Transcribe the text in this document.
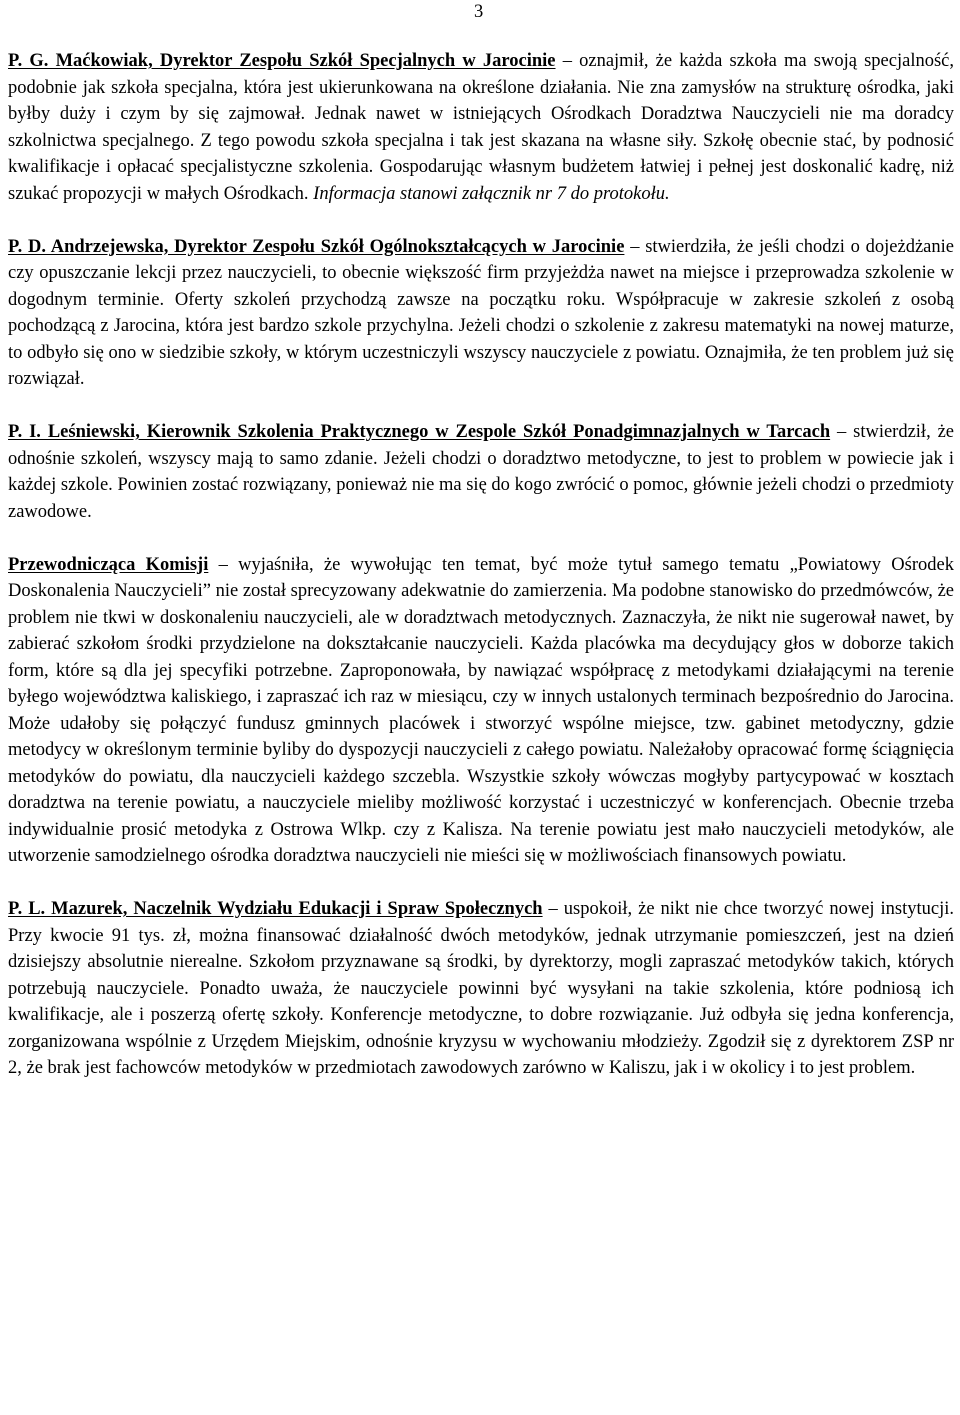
3

P. G. Maćkowiak, Dyrektor Zespołu Szkół Specjalnych w Jarocinie – oznajmił, że każda szkoła ma swoją specjalność, podobnie jak szkoła specjalna, która jest ukierunkowana na określone działania. Nie zna zamysłów na strukturę ośrodka, jaki byłby duży i czym by się zajmował. Jednak nawet w istniejących Ośrodkach Doradztwa Nauczycieli nie ma doradcy szkolnictwa specjalnego. Z tego powodu szkoła specjalna i tak jest skazana na własne siły. Szkołę obecnie stać, by podnosić kwalifikacje i opłacać specjalistyczne szkolenia. Gospodarując własnym budżetem łatwiej i pełnej jest doskonalić kadrę, niż szukać propozycji w małych Ośrodkach. Informacja stanowi załącznik nr 7 do protokołu.

P. D. Andrzejewska, Dyrektor Zespołu Szkół Ogólnokształcących w Jarocinie – stwierdziła, że jeśli chodzi o dojeżdżanie czy opuszczanie lekcji przez nauczycieli, to obecnie większość firm przyjeżdża nawet na miejsce i przeprowadza szkolenie w dogodnym terminie. Oferty szkoleń przychodzą zawsze na początku roku. Współpracuje w zakresie szkoleń z osobą pochodzącą z Jarocina, która jest bardzo szkole przychylna. Jeżeli chodzi o szkolenie z zakresu matematyki na nowej maturze, to odbyło się ono w siedzibie szkoły, w którym uczestniczyli wszyscy nauczyciele z powiatu. Oznajmiła, że ten problem już się rozwiązał.

P. I. Leśniewski, Kierownik Szkolenia Praktycznego w Zespole Szkół Ponadgimnazjalnych w Tarcach – stwierdził, że odnośnie szkoleń, wszyscy mają to samo zdanie. Jeżeli chodzi o doradztwo metodyczne, to jest to problem w powiecie jak i każdej szkole. Powinien zostać rozwiązany, ponieważ nie ma się do kogo zwrócić o pomoc, głównie jeżeli chodzi o przedmioty zawodowe.

Przewodnicząca Komisji – wyjaśniła, że wywołując ten temat, być może tytuł samego tematu „Powiatowy Ośrodek Doskonalenia Nauczycieli” nie został sprecyzowany adekwatnie do zamierzenia. Ma podobne stanowisko do przedmówców, że problem nie tkwi w doskonaleniu nauczycieli, ale w doradztwach metodycznych. Zaznaczyła, że nikt nie sugerował nawet, by zabierać szkołom środki przydzielone na dokształcanie nauczycieli. Każda placówka ma decydujący głos w doborze takich form, które są dla jej specyfiki potrzebne. Zaproponowała, by nawiązać współpracę z metodykami działającymi na terenie byłego województwa kaliskiego, i zapraszać ich raz w miesiącu, czy w innych ustalonych terminach bezpośrednio do Jarocina. Może udałoby się połączyć fundusz gminnych placówek i stworzyć wspólne miejsce, tzw. gabinet metodyczny, gdzie metodycy w określonym terminie byliby do dyspozycji nauczycieli z całego powiatu. Należałoby opracować formę ściągnięcia metodyków do powiatu, dla nauczycieli każdego szczebla. Wszystkie szkoły wówczas mogłyby partycypować w kosztach doradztwa na terenie powiatu, a nauczyciele mieliby możliwość korzystać i uczestniczyć w konferencjach. Obecnie trzeba indywidualnie prosić metodyka z Ostrowa Wlkp. czy z Kalisza. Na terenie powiatu jest mało nauczycieli metodyków, ale utworzenie samodzielnego ośrodka doradztwa nauczycieli nie mieści się w możliwościach finansowych powiatu.

P. L. Mazurek, Naczelnik Wydziału Edukacji i Spraw Społecznych – uspokoił, że nikt nie chce tworzyć nowej instytucji. Przy kwocie 91 tys. zł, można finansować działalność dwóch metodyków, jednak utrzymanie pomieszczeń, jest na dzień dzisiejszy absolutnie nierealne. Szkołom przyznawane są środki, by dyrektorzy, mogli zapraszać metodyków takich, których potrzebują nauczyciele. Ponadto uważa, że nauczyciele powinni być wysyłani na takie szkolenia, które podniosą ich kwalifikacje, ale i poszerzą ofertę szkoły. Konferencje metodyczne, to dobre rozwiązanie. Już odbyła się jedna konferencja, zorganizowana wspólnie z Urzędem Miejskim, odnośnie kryzysu w wychowaniu młodzieży. Zgodził się z dyrektorem ZSP nr 2, że brak jest fachowców metodyków w przedmiotach zawodowych zarówno w Kaliszu, jak i w okolicy i to jest problem.
